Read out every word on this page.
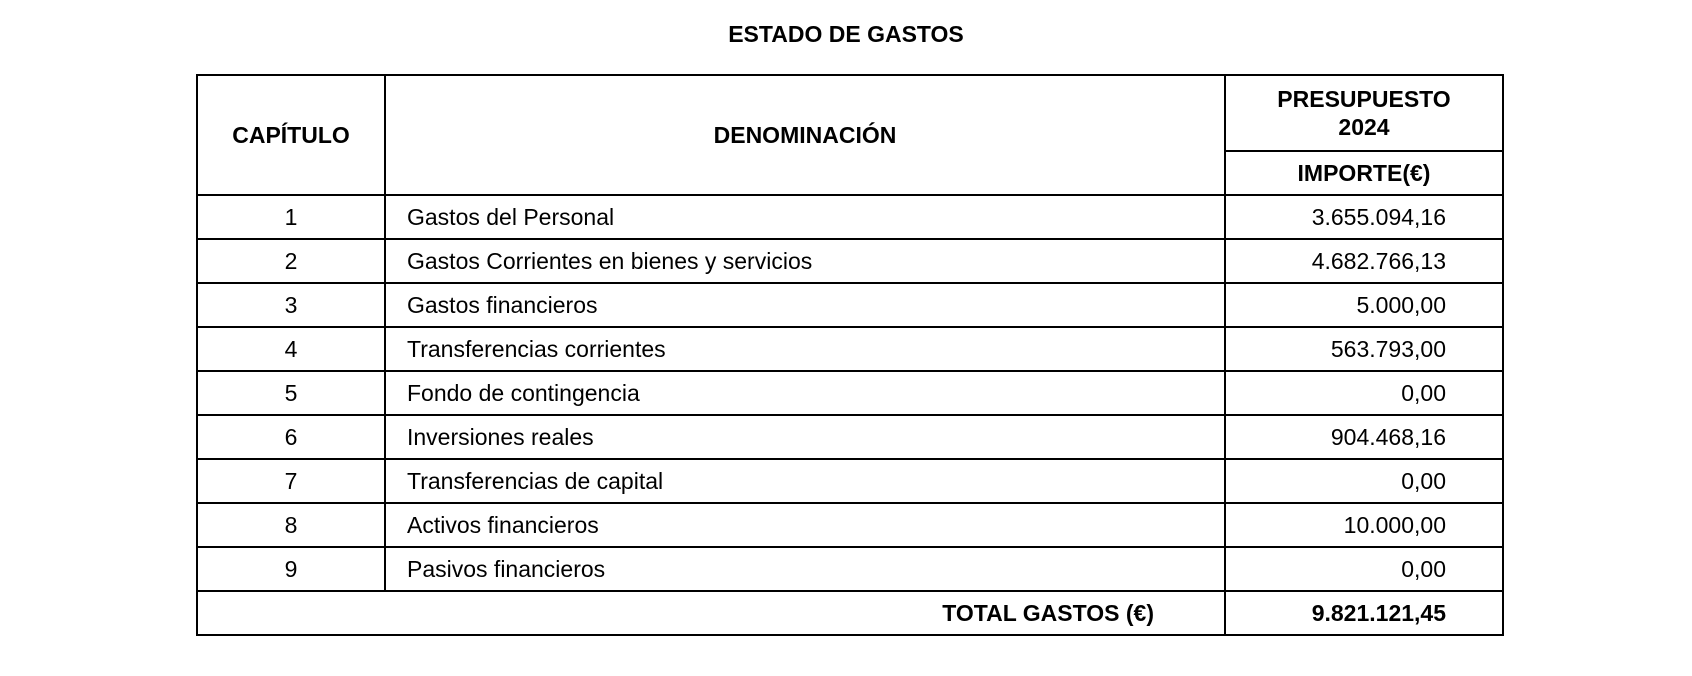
ESTADO DE GASTOS
CAPÍTULO	DENOMINACIÓN	PRESUPUESTO
2024

		IMPORTE(€)
1	Gastos del Personal	3.655.094,16
2	Gastos Corrientes en bienes y servicios	4.682.766,13
3	Gastos financieros	5.000,00
4	Transferencias corrientes	563.793,00
5	Fondo de contingencia	0,00
6	Inversiones reales	904.468,16
7	Transferencias de capital	0,00
8	Activos financieros	10.000,00
9	Pasivos financieros	0,00
TOTAL GASTOS (€)		9.821.121,45
